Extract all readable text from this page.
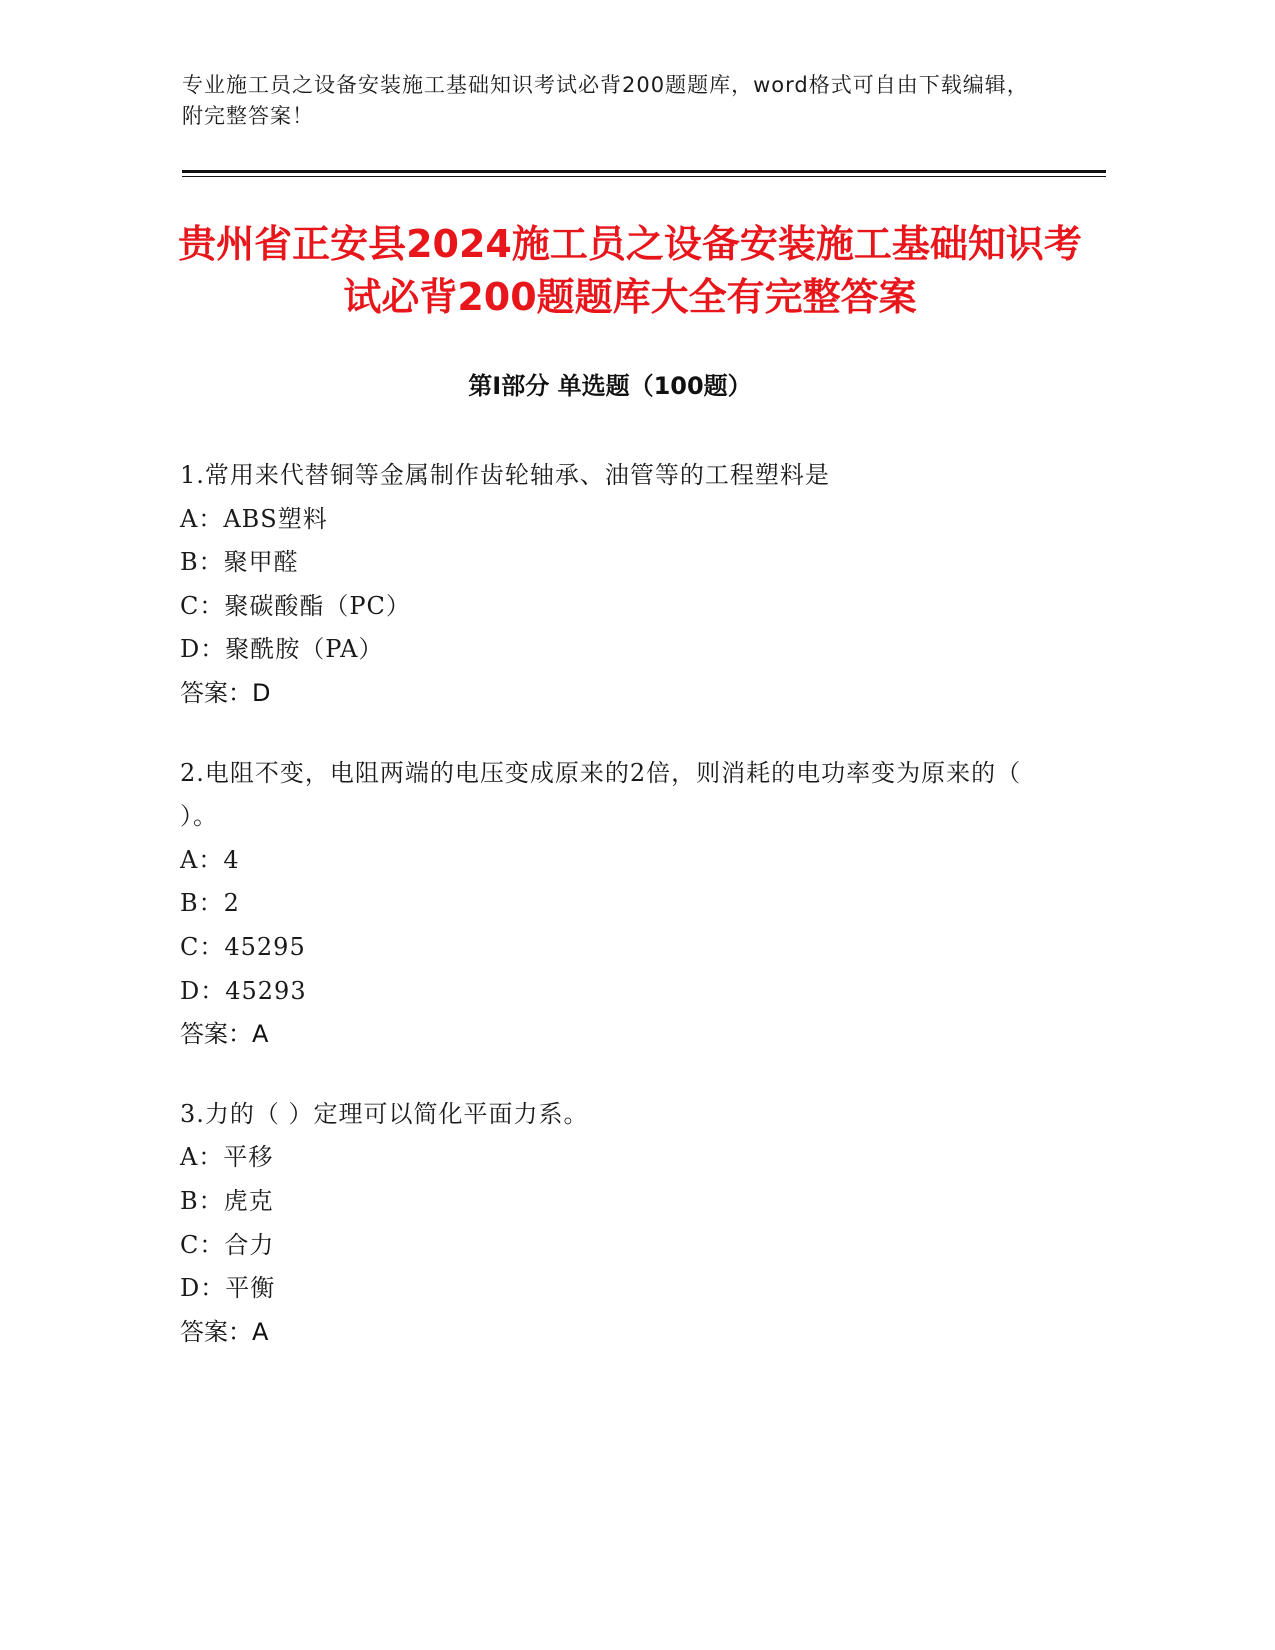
专业施工员之设备安装施工基础知识考试必背200题题库，word格式可自由下载编辑，附完整答案！
贵州省正安县2024施工员之设备安装施工基础知识考试必背200题题库大全有完整答案
第Ⅰ部分 单选题（100题）

1.常用来代替铜等金属制作齿轮轴承、油管等的工程塑料是

A：ABS塑料

B：聚甲醛

C：聚碳酸酯（PC）

D：聚酰胺（PA）

答案：D

2.电阻不变，电阻两端的电压变成原来的2倍，则消耗的电功率变为原来的（ ）。

A：4

B：2

C：45295

D：45293

答案：A

3.力的（ ）定理可以简化平面力系。

A：平移

B：虎克

C：合力

D：平衡

答案：A
